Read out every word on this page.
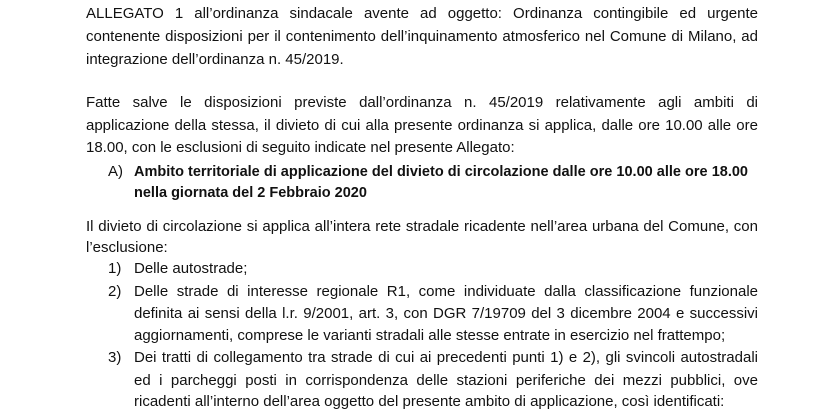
ALLEGATO 1 all’ordinanza sindacale avente ad oggetto: Ordinanza contingibile ed urgente
contenente disposizioni per il contenimento dell’inquinamento atmosferico nel Comune di Milano, ad
integrazione dell’ordinanza n. 45/2019.
Fatte salve le disposizioni previste dall’ordinanza n. 45/2019 relativamente agli ambiti di
applicazione della stessa, il divieto di cui alla presente ordinanza si applica, dalle ore 10.00 alle ore
18.00, con le esclusioni di seguito indicate nel presente Allegato:
A) Ambito territoriale di applicazione del divieto di circolazione dalle ore 10.00 alle ore 18.00
nella giornata del 2 Febbraio 2020
Il divieto di circolazione si applica all’intera rete stradale ricadente nell’area urbana del Comune, con
l’esclusione:
1) Delle autostrade;
2) Delle strade di interesse regionale R1, come individuate dalla classificazione funzionale
definita ai sensi della l.r. 9/2001, art. 3, con DGR 7/19709 del 3 dicembre 2004 e successivi
aggiornamenti, comprese le varianti stradali alle stesse entrate in esercizio nel frattempo;
3) Dei tratti di collegamento tra strade di cui ai precedenti punti 1) e 2), gli svincoli autostradali
ed i parcheggi posti in corrispondenza delle stazioni periferiche dei mezzi pubblici, ove
ricadenti all’interno dell’area oggetto del presente ambito di applicazione, così identificati:
